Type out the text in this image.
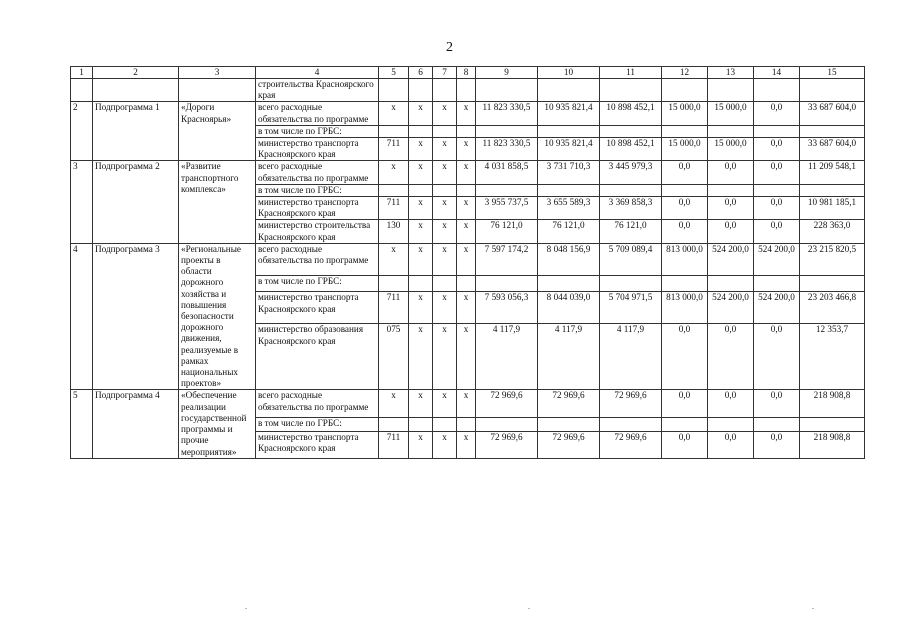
2
1	2	3	4	5	6	7	8	9	10	11	12	13	14	15
			строительства Красноярского края											
2	Подпрограмма 1	«Дороги Красноярья»	всего расходные обязательства по программе	х	х	х	х	11 823 330,5	10 935 821,4	10 898 452,1	15 000,0	15 000,0	0,0	33 687 604,0
			в том числе по ГРБС:											
			министерство транспорта Красноярского края	711	х	х	х	11 823 330,5	10 935 821,4	10 898 452,1	15 000,0	15 000,0	0,0	33 687 604,0
3	Подпрограмма 2	«Развитие транспортного комплекса»	всего расходные обязательства по программе	х	х	х	х	4 031 858,5	3 731 710,3	3 445 979,3	0,0	0,0	0,0	11 209 548,1
			в том числе по ГРБС:											
			министерство транспорта Красноярского края	711	х	х	х	3 955 737,5	3 655 589,3	3 369 858,3	0,0	0,0	0,0	10 981 185,1
			министерство строительства Красноярского края	130	х	х	х	76 121,0	76 121,0	76 121,0	0,0	0,0	0,0	228 363,0
4	Подпрограмма 3	«Региональные проекты в области дорожного хозяйства и повышения безопасности дорожного движения, реализуемые в рамках национальных проектов»	всего расходные обязательства по программе	х	х	х	х	7 597 174,2	8 048 156,9	5 709 089,4	813 000,0	524 200,0	524 200,0	23 215 820,5
			в том числе по ГРБС:											
			министерство транспорта Красноярского края	711	х	х	х	7 593 056,3	8 044 039,0	5 704 971,5	813 000,0	524 200,0	524 200,0	23 203 466,8
			министерство образования Красноярского края	075	х	х	х	4 117,9	4 117,9	4 117,9	0,0	0,0	0,0	12 353,7
5	Подпрограмма 4	«Обеспечение реализации государственной программы и прочие мероприятия»	всего расходные обязательства по программе	х	х	х	х	72 969,6	72 969,6	72 969,6	0,0	0,0	0,0	218 908,8
			в том числе по ГРБС:											
			министерство транспорта Красноярского края	711	х	х	х	72 969,6	72 969,6	72 969,6	0,0	0,0	0,0	218 908,8
